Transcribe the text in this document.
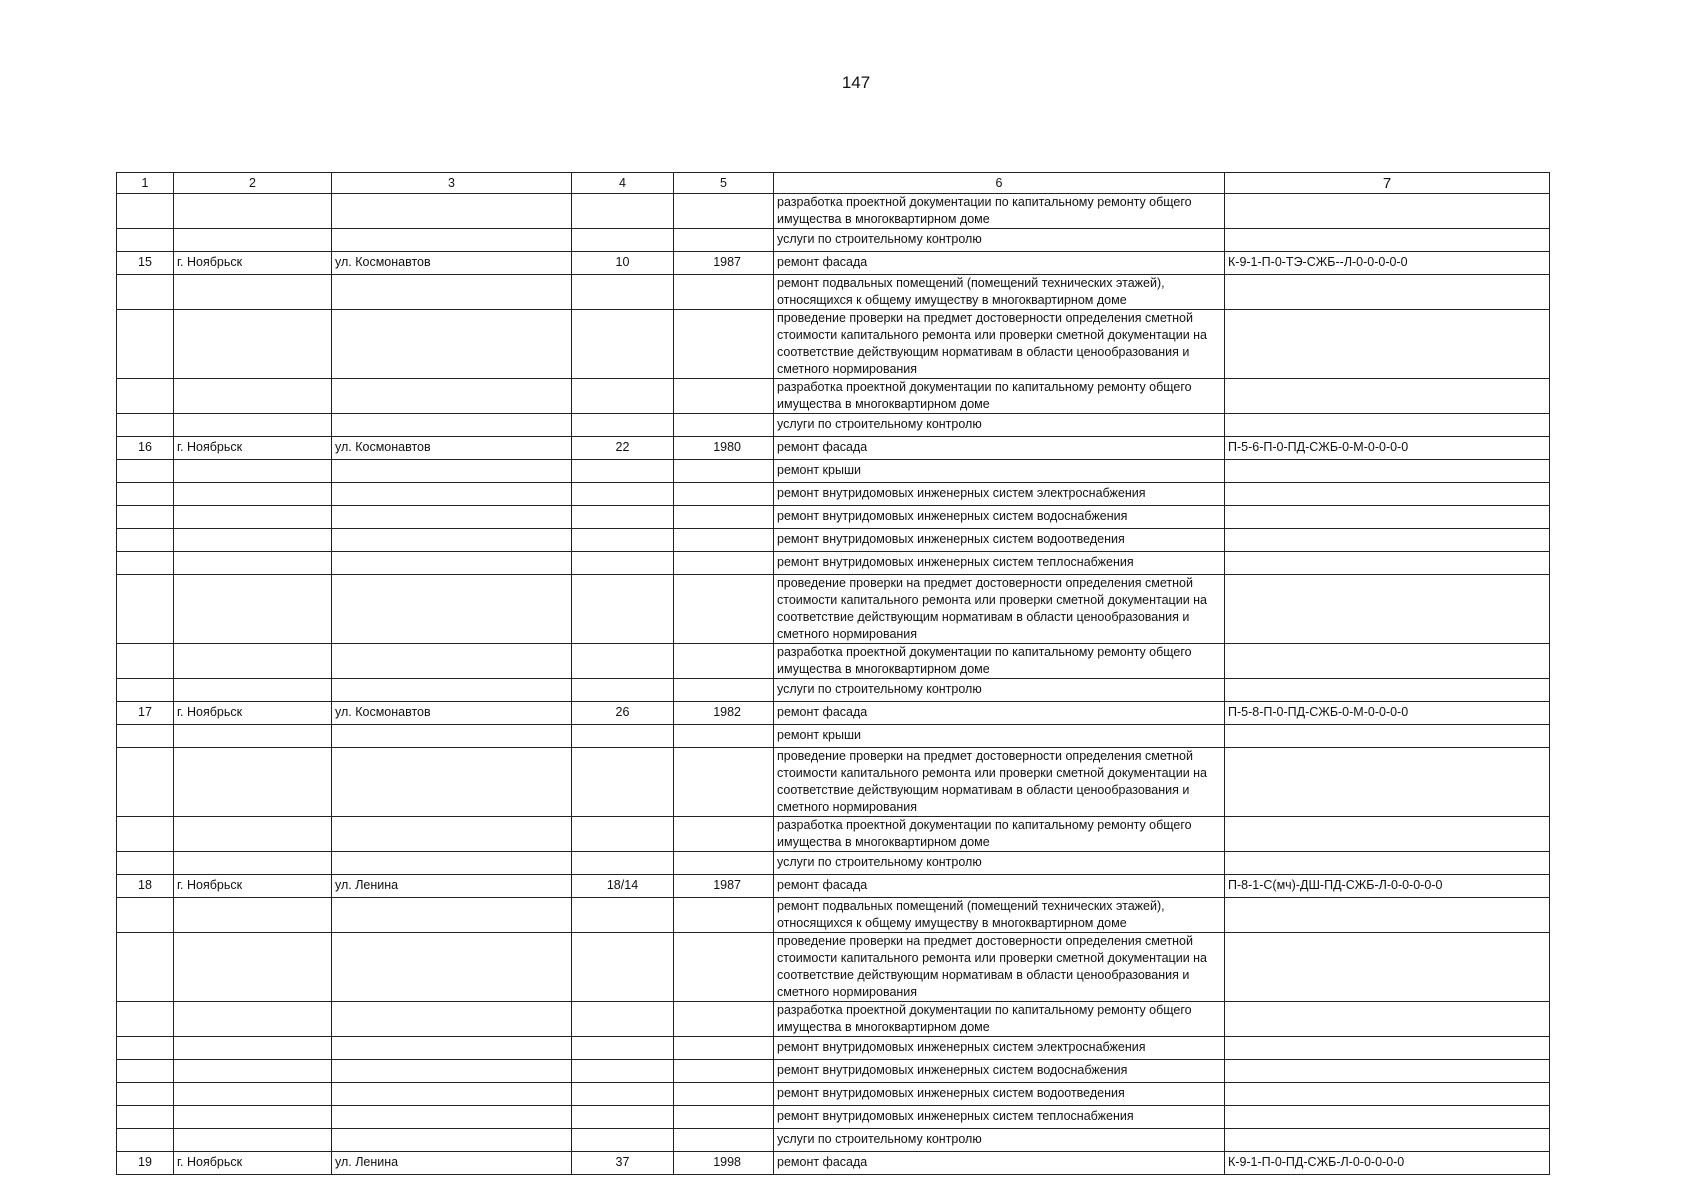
147
1	2	3	4	5	6	7
					разработка проектной документации по капитальному ремонту общего имущества в многоквартирном доме	
					услуги по строительному контролю	
15	г. Ноябрьск	ул. Космонавтов	10	1987	ремонт фасада	К-9-1-П-0-ТЭ-СЖБ--Л-0-0-0-0-0
					ремонт подвальных помещений (помещений технических этажей), относящихся к общему имуществу в многоквартирном доме	
					проведение проверки на предмет достоверности определения сметной стоимости капитального ремонта или проверки сметной документации на соответствие действующим нормативам в области ценообразования и сметного нормирования	
					разработка проектной документации по капитальному ремонту общего имущества в многоквартирном доме	
					услуги по строительному контролю	
16	г. Ноябрьск	ул. Космонавтов	22	1980	ремонт фасада	П-5-6-П-0-ПД-СЖБ-0-М-0-0-0-0
					ремонт крыши	
					ремонт внутридомовых инженерных систем электроснабжения	
					ремонт внутридомовых инженерных систем водоснабжения	
					ремонт внутридомовых инженерных систем водоотведения	
					ремонт внутридомовых инженерных систем теплоснабжения	
					проведение проверки на предмет достоверности определения сметной стоимости капитального ремонта или проверки сметной документации на соответствие действующим нормативам в области ценообразования и сметного нормирования	
					разработка проектной документации по капитальному ремонту общего имущества в многоквартирном доме	
					услуги по строительному контролю	
17	г. Ноябрьск	ул. Космонавтов	26	1982	ремонт фасада	П-5-8-П-0-ПД-СЖБ-0-М-0-0-0-0
					ремонт крыши	
					проведение проверки на предмет достоверности определения сметной стоимости капитального ремонта или проверки сметной документации на соответствие действующим нормативам в области ценообразования и сметного нормирования	
					разработка проектной документации по капитальному ремонту общего имущества в многоквартирном доме	
					услуги по строительному контролю	
18	г. Ноябрьск	ул. Ленина	18/14	1987	ремонт фасада	П-8-1-С(мч)-ДШ-ПД-СЖБ-Л-0-0-0-0-0
					ремонт подвальных помещений (помещений технических этажей), относящихся к общему имуществу в многоквартирном доме	
					проведение проверки на предмет достоверности определения сметной стоимости капитального ремонта или проверки сметной документации на соответствие действующим нормативам в области ценообразования и сметного нормирования	
					разработка проектной документации по капитальному ремонту общего имущества в многоквартирном доме	
					ремонт внутридомовых инженерных систем электроснабжения	
					ремонт внутридомовых инженерных систем водоснабжения	
					ремонт внутридомовых инженерных систем водоотведения	
					ремонт внутридомовых инженерных систем теплоснабжения	
					услуги по строительному контролю	
19	г. Ноябрьск	ул. Ленина	37	1998	ремонт фасада	К-9-1-П-0-ПД-СЖБ-Л-0-0-0-0-0
